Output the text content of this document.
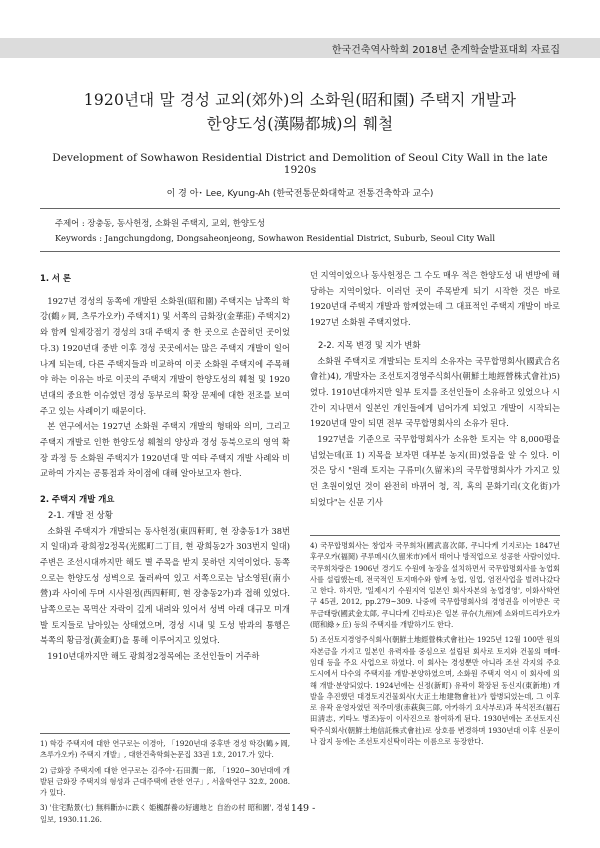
한국건축역사학회 2018년 춘계학술발표대회 자료집
1920년대 말 경성 교외(郊外)의 소화원(昭和園) 주택지 개발과
한양도성(漢陽都城)의 훼철
Development of Sowhawon Residential District and Demolition of Seoul City Wall in the late 1920s
이 경 아･ Lee, Kyung-Ah (한국전통문화대학교 전통건축학과 교수)
주제어 : 장충동, 동사헌정, 소화원 주택지, 교외, 한양도성
Keywords : Jangchungdong, Dongsaheonjeong, Sowhawon Residential District, Suburb, Seoul City Wall
1. 서 론

1927년 경성의 동쪽에 개발된 소화원(昭和園) 주택지는 남쪽의 학강(鶴ヶ岡, 츠루가오카) 주택지1) 및 서쪽의 금화장(金華莊) 주택지2)와 함께 일제강점기 경성의 3대 주택지 중 한 곳으로 손꼽히던 곳이었다.3) 1920년대 중반 이후 경성 곳곳에서는 많은 주택지 개발이 일어나게 되는데, 다른 주택지들과 비교하여 이곳 소화원 주택지에 주목해야 하는 이유는 바로 이곳의 주택지 개발이 한양도성의 훼철 및 1920년대의 중요한 이슈였던 경성 동부로의 확장 문제에 대한 전조를 보여주고 있는 사례이기 때문이다.

본 연구에서는 1927년 소화원 주택지 개발의 형태와 의미, 그리고 주택지 개발로 인한 한양도성 훼철의 양상과 경성 동북으로의 영역 확장 과정 등 소화원 주택지가 1920년대 말 여타 주택지 개발 사례와 비교하여 가지는 공통점과 차이점에 대해 알아보고자 한다.

2. 주택지 개발 개요
2-1. 개발 전 상황

소화원 주택지가 개발되는 동사헌정(東四軒町, 현 장충동1가 38번지 일대)과 광희정2정목(光熙町二丁目, 현 광희동2가 303번지 일대) 주변은 조선시대까지만 해도 별 주목을 받지 못하던 지역이었다. 동쪽으로는 한양도성 성벽으로 둘러싸여 있고 서쪽으로는 남소영된(南小營)과 사이에 두며 시사원정(西四軒町, 현 장충동2가)과 접해 있었다. 남쪽으로는 목멱산 자락이 깊게 내려와 있어서 성벽 아래 대규모 미개발 토지들로 남아있는 상태였으며, 경성 시내 및 도성 밖과의 통행은 북쪽의 황금정(黃金町)을 통해 이루어지고 있었다.

1910년대까지만 해도 광희정2정목에는 조선인들이 거주하

1) 학강 주택지에 대한 연구로는 이경아, 「1920년대 중후반 경성 학강(鶴ヶ岡, 츠루가오카) 주택지 개발」, 대한건축학회논문집 33권 1호, 2017.가 있다.

2) 금화장 주택지에 대한 연구로는 김주야･石田潤一郎, 「1920~30년대에 개발된 금화장 주택지의 형성과 근대주택에 관한 연구」, 서울학연구 32호, 2008.가 있다.

3) '住宅點景(七) 無料斷かに跌く 姫楓群養の好適地と 自治の村 昭和園', 경성일보, 1930.11.26.

던 지역이었으나 동사헌정은 그 수도 매우 적은 한양도성 내 변방에 해당하는 지역이었다. 이러던 곳이 주목받게 되기 시작한 것은 바로 1920년대 주택지 개발과 함께였는데 그 대표적인 주택지 개발이 바로 1927년 소화원 주택지였다.

2-2. 지목 변경 및 지가 변화

소화원 주택지로 개발되는 토지의 소유자는 국무합명회사(國武合名會社)4), 개발자는 조선토지경영주식회사(朝鮮土地經營株式會社)5)였다. 1910년대까지만 일부 토지를 조선인들이 소유하고 있었으나 시간이 지나면서 일본인 개인들에게 넘어가게 되었고 개발이 시작되는 1920년대 말이 되면 전부 국무합명회사의 소유가 된다.

1927년을 기준으로 국무합명회사가 소유한 토지는 약 8,000평을 넘었는데(표 1) 지목을 보자면 대부분 농지(田)였음을 알 수 있다. 이것은 당시 "원래 토지는 구류미(久留米)의 국무합명회사가 가지고 있던 초원이었던 것이 완전히 바뀌어 청, 직, 혹의 문화기리(文化街)가 되었다"는 신문 기사

4) 국무합명회사는 창업자 국무희차(國武喜次郞, 쿠니다케 기지로)는 1847년 후쿠오카(福岡) 쿠루메시(久留米市)에서 태어나 방적업으로 성공한 사람이었다. 국무희차랑은 1906년 경기도 수원에 농장을 설치하면서 국무합명회사를 농업회사를 설립했는데, 전국적인 토지매수와 함께 농업, 임업, 염전사업을 벌려나갔다고 한다. 하지만, '일제시기 수원지역 일본인 회사자본의 농업경영', 이화사학연구 45권, 2012, pp.279~309. 나중에 국무합명회사의 경영권을 이어받은 국무금태랑(國武金太郞, 쿠니다케 긴타로)은 일본 큐슈(九州)에 쇼와미드리카오카(昭和綠ヶ丘) 등의 주택지를 개발하기도 한다.

5) 조선토지경영주식회사(朝鮮土地經營株式會社)는 1925년 12월 100만 원의 자본금을 가지고 일본인 유력자를 중심으로 설립된 회사로 토지와 건물의 매매·임대 등을 주요 사업으로 하였다. 이 회사는 경성뿐만 아니라 조선 각지의 주요 도시에서 다수의 주택지를 개발·분양하였으며, 소화원 주택지 역시 이 회사에 의해 개발·분양되었다. 1924년에는 신정(新町) 유곽이 확장된 동신지(東新地) 개발을 추진했던 대경토지건물회사(大正土地建物會社)가 합병되었는데, 그 이후로 유곽 운영자였던 적주미생(赤萩與三郞, 아카하기 요사부로)과 복석전조(福石田淸志, 키타노 병조)등이 이사진으로 참여하게 된다. 1930년에는 조선토지신탁주식회사(朝鮮土地信託株式會社)로 상호를 변경하며 1930년대 이후 신문이나 잡지 등에는 조선토지신탁이라는 이름으로 등장한다.

- 149 -
